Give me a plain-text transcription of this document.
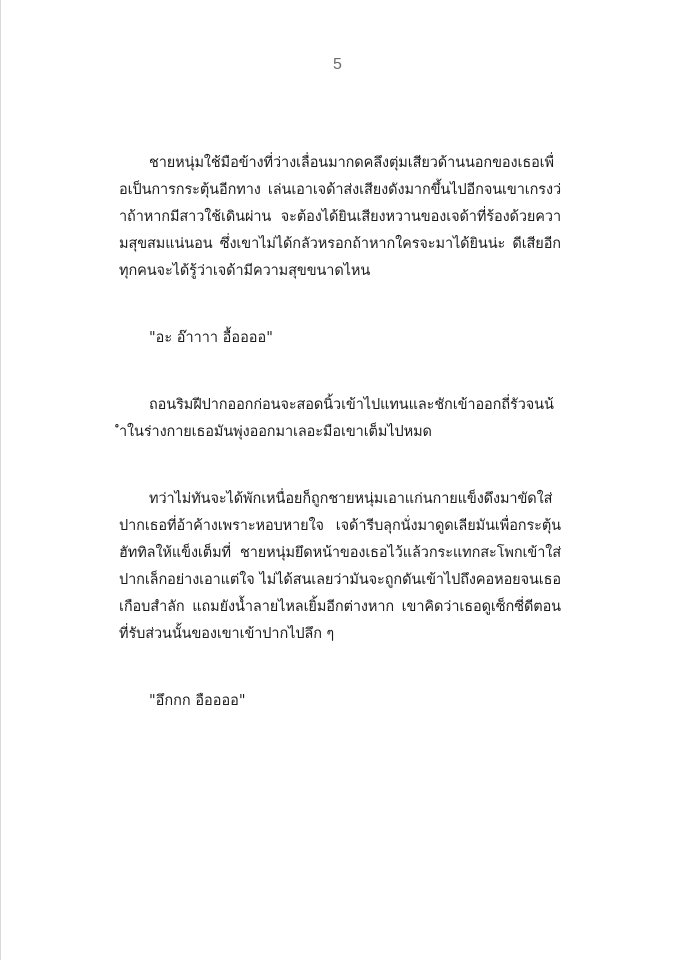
5

ชายหนุ่มใช้มือข้างที่ว่างเลื่อนมากดคลึงตุ่มเสียวด้านนอกของเธอเพื่อเป็นการกระตุ้นอีกทาง เล่นเอาเจด้าส่งเสียงดังมากขึ้นไปอีกจนเขาเกรงว่าถ้าหากมีสาวใช้เดินผ่าน จะต้องได้ยินเสียงหวานของเจด้าที่ร้องด้วยความสุขสมแน่นอน ซึ่งเขาไม่ได้กลัวหรอกถ้าหากใครจะมาได้ยินน่ะ ดีเสียอีก ทุกคนจะได้รู้ว่าเจด้ามีความสุขขนาดไหน

"อะ อ๊าาาา อื้ออออ"

ถอนริมฝีปากออกก่อนจะสอดนิ้วเข้าไปแทนและชักเข้าออกถี่รัวจนน้ำในร่างกายเธอมันพุ่งออกมาเลอะมือเขาเต็มไปหมด

ทว่าไม่ทันจะได้พักเหนื่อยก็ถูกชายหนุ่มเอาแก่นกายแข็งดึงมาขัดใส่ปากเธอที่อ้าค้างเพราะหอบหายใจ เจด้ารีบลุกนั่งมาดูดเลียมันเพื่อกระตุ้นฮัททิลให้แข็งเต็มที่ ชายหนุ่มยึดหน้าของเธอไว้แล้วกระแทกสะโพกเข้าใส่ปากเล็กอย่างเอาแต่ใจ ไม่ได้สนเลยว่ามันจะถูกดันเข้าไปถึงคอหอยจนเธอเกือบสำลัก แถมยังน้ำลายไหลเยิ้มอีกต่างหาก เขาคิดว่าเธอดูเซ็กซี่ดีตอนที่รับส่วนนั้นของเขาเข้าปากไปลึก ๆ

"อึกกก อืออออ"
